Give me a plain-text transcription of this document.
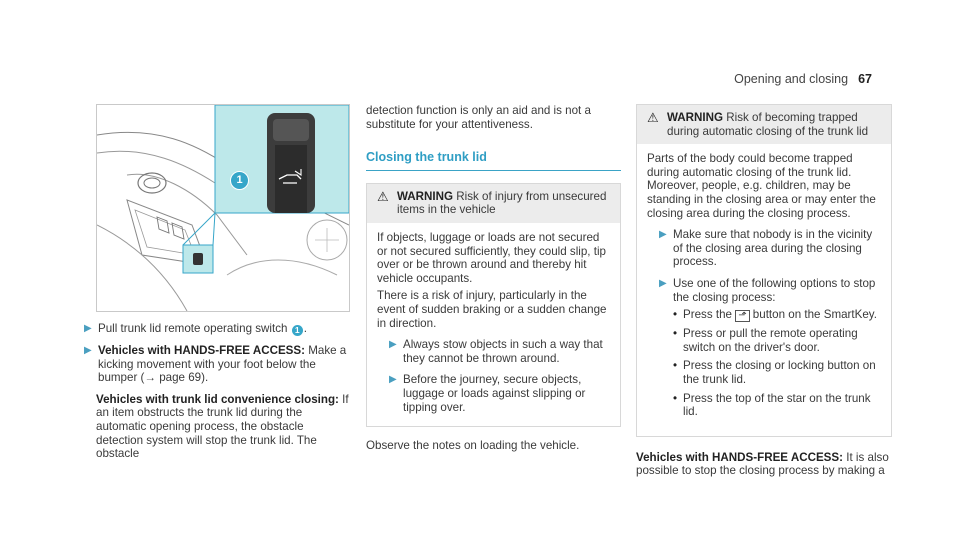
Opening and closing 67
1
▶ Pull trunk lid remote operating switch 1 .
▶ Vehicles with HANDS-FREE ACCESS: Make a kicking movement with your foot below the bumper (→ page 69).

Vehicles with trunk lid convenience closing: If an item obstructs the trunk lid during the automatic opening process, the obstacle detection system will stop the trunk lid. The obstacle

detection function is only an aid and is not a substitute for your attentiveness.

Closing the trunk lid
⚠ WARNING Risk of injury from unsecured items in the vehicle

If objects, luggage or loads are not secured or not secured sufficiently, they could slip, tip over or be thrown around and thereby hit vehicle occupants.

There is a risk of injury, particularly in the event of sudden braking or a sudden change in direction.

▶ Always stow objects in such a way that they cannot be thrown around.
▶ Before the journey, secure objects, luggage or loads against slipping or tipping over.

Observe the notes on loading the vehicle.

⚠ WARNING Risk of becoming trapped during automatic closing of the trunk lid

Parts of the body could become trapped during automatic closing of the trunk lid. Moreover, people, e.g. children, may be standing in the closing area or may enter the closing area during the closing process.

▶ Make sure that nobody is in the vicinity of the closing area during the closing process.
▶ Use one of the following options to stop the closing process:
• Press the ⬏ button on the SmartKey.
• Press or pull the remote operating switch on the driver's door.
• Press the closing or locking button on the trunk lid.
• Press the top of the star on the trunk lid.

Vehicles with HANDS-FREE ACCESS: It is also possible to stop the closing process by making a
